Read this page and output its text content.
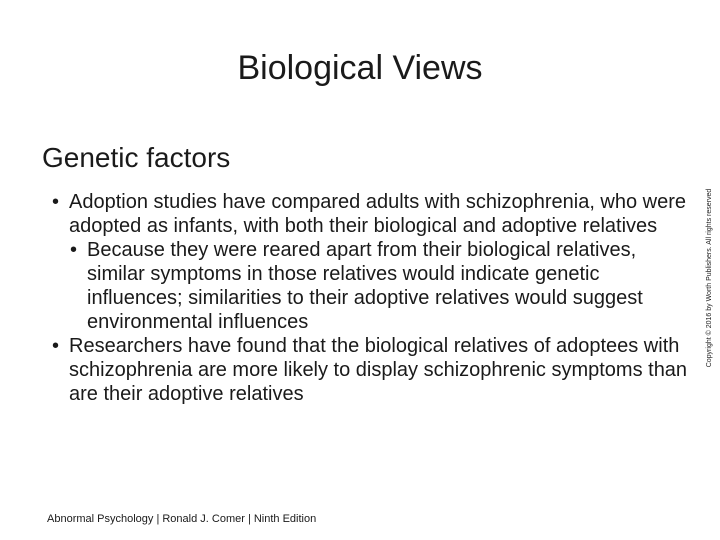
Biological Views
Genetic factors

• Adoption studies have compared adults with schizophrenia, who were adopted as infants, with both their biological and adoptive relatives

• Because they were reared apart from their biological relatives, similar symptoms in those relatives would indicate genetic influences; similarities to their adoptive relatives would suggest environmental influences

• Researchers have found that the biological relatives of adoptees with schizophrenia are more likely to display schizophrenic symptoms than are their adoptive relatives

Abnormal Psychology | Ronald J. Comer | Ninth Edition
Copyright © 2016 by Worth Publishers. All rights reserved
